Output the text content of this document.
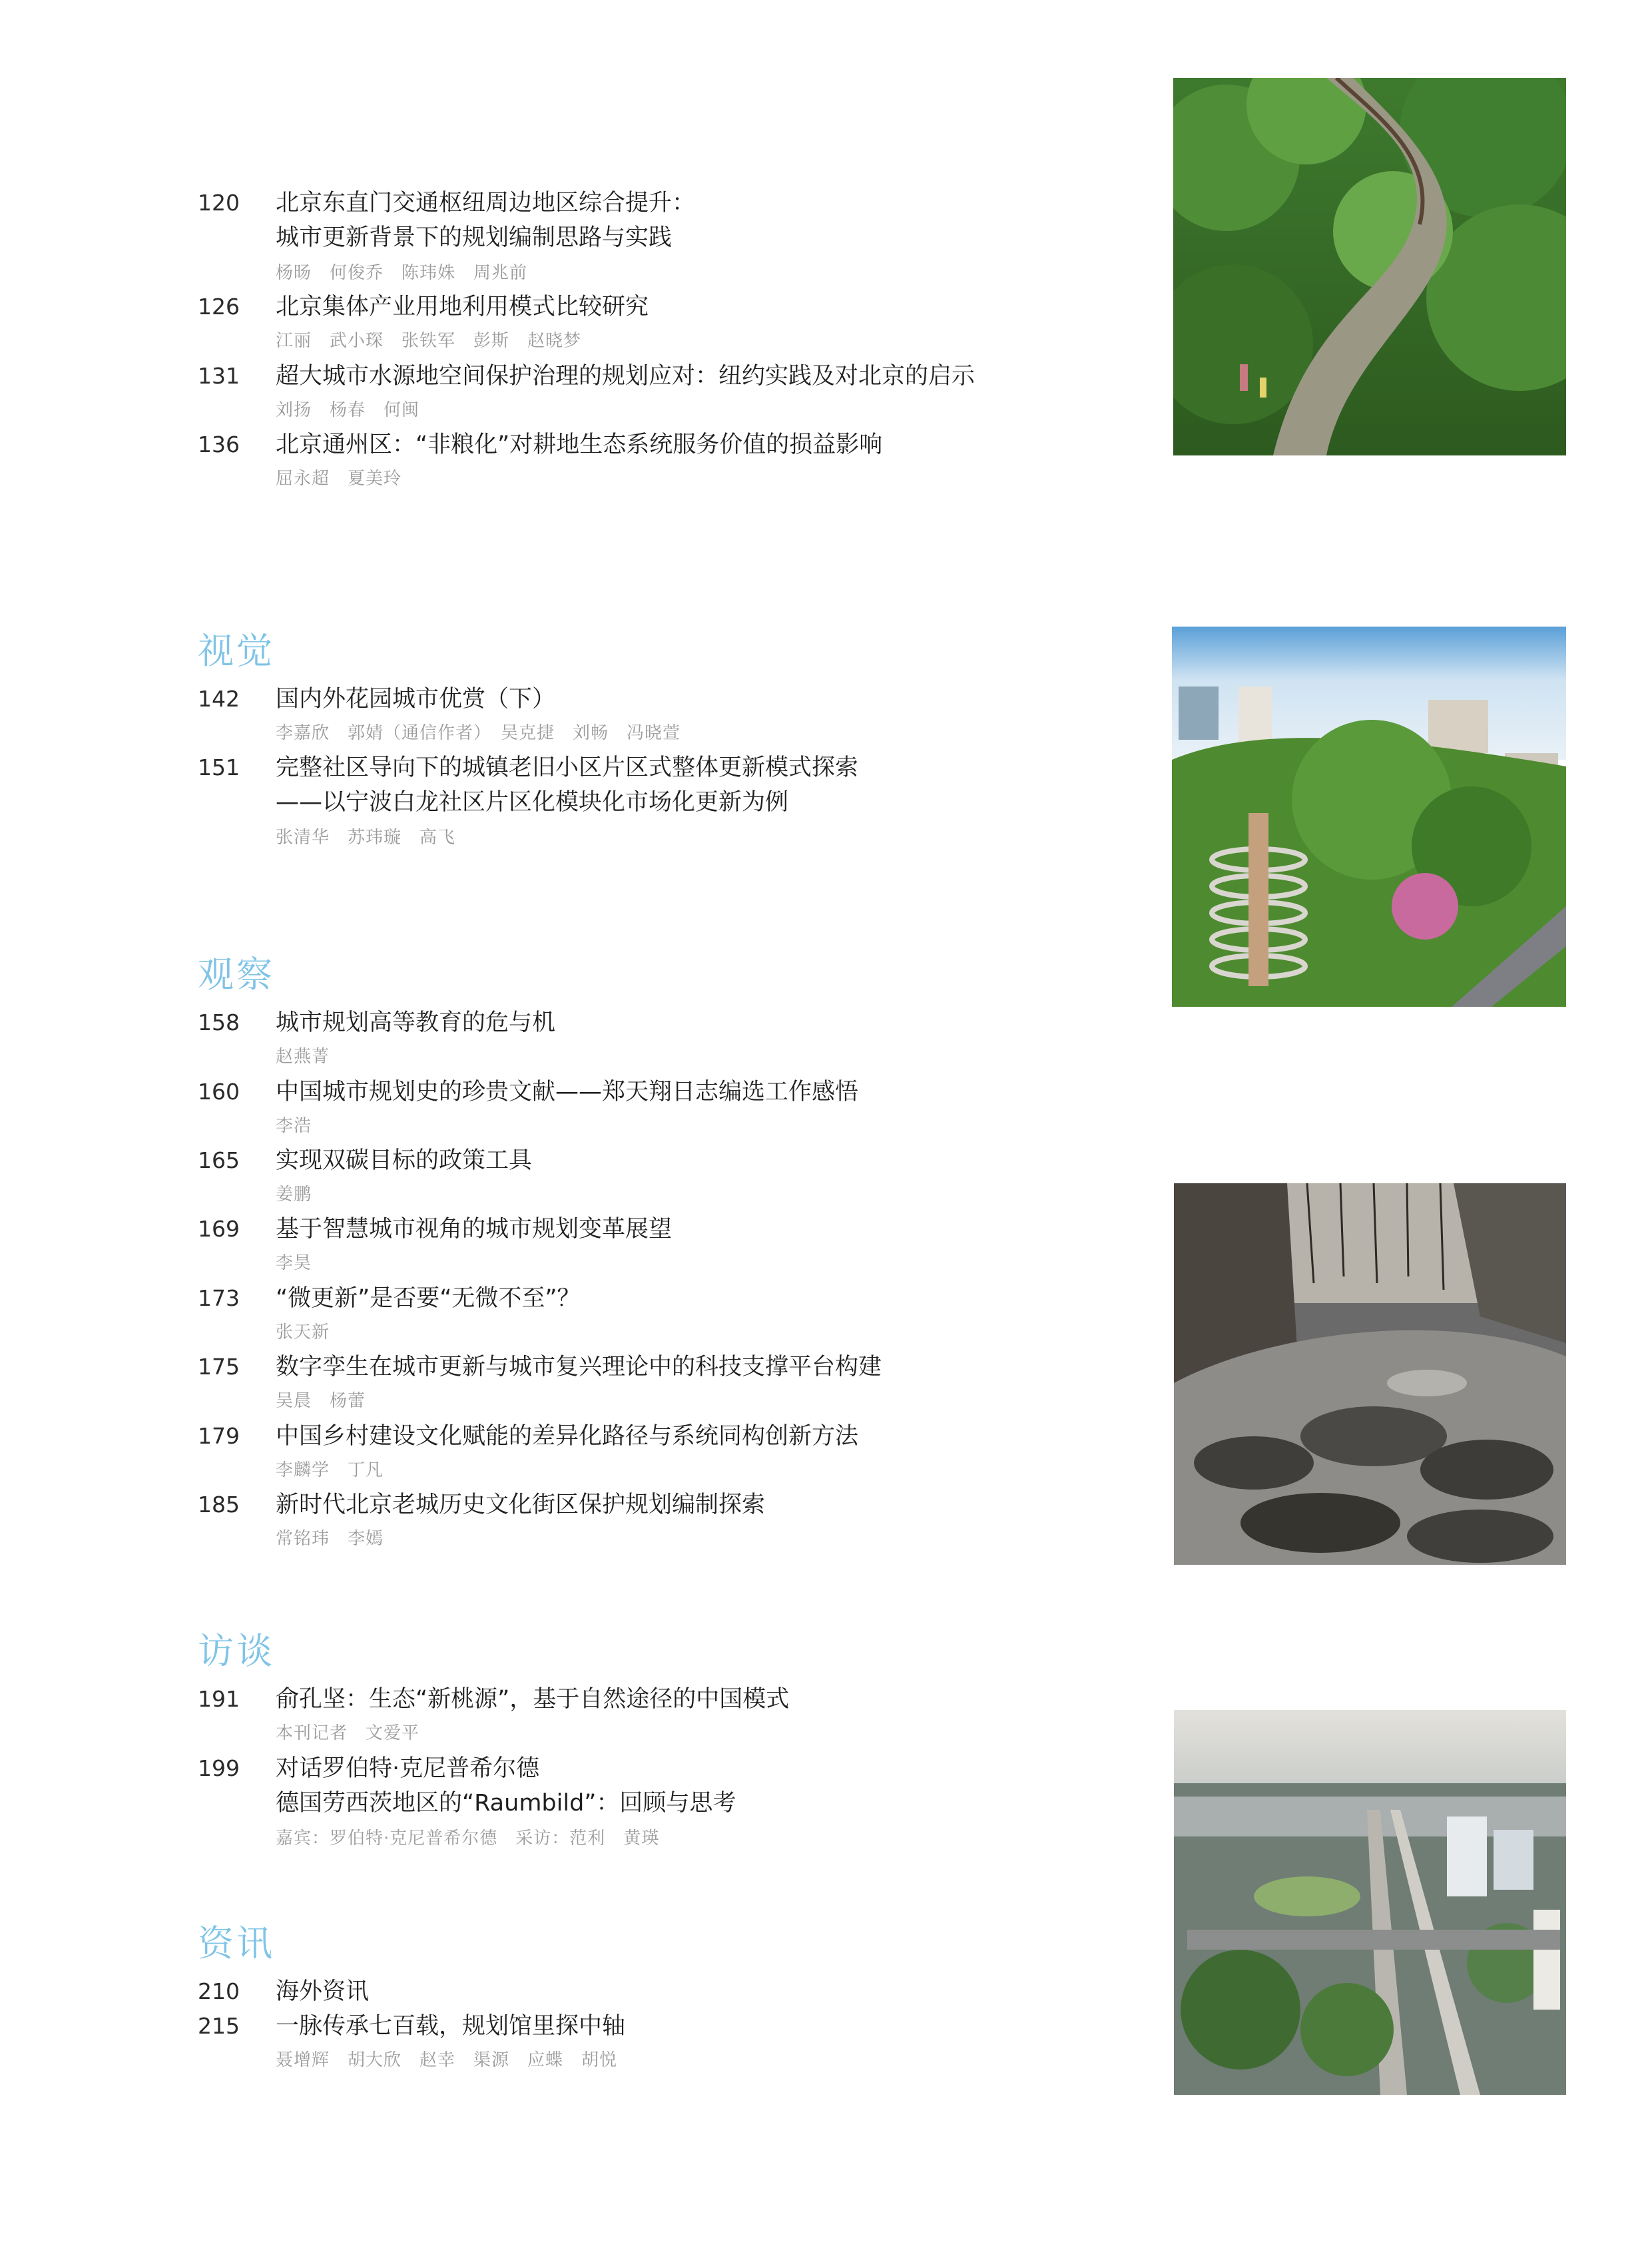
120 北京东直门交通枢纽周边地区综合提升：
城市更新背景下的规划编制思路与实践
杨旸　何俊乔　陈玮姝　周兆前
126 北京集体产业用地利用模式比较研究
江丽　武小琛　张铁军　彭斯　赵晓梦
131 超大城市水源地空间保护治理的规划应对：纽约实践及对北京的启示
刘扬　杨春　何闽
136 北京通州区：“非粮化”对耕地生态系统服务价值的损益影响
屈永超　夏美玲
视觉
142 国内外花园城市优赏（下）
李嘉欣　郭婧（通信作者）　吴克捷　刘畅　冯晓萱
151 完整社区导向下的城镇老旧小区片区式整体更新模式探索
——以宁波白龙社区片区化模块化市场化更新为例
张清华　苏玮璇　高飞
观察
158 城市规划高等教育的危与机
赵燕菁
160 中国城市规划史的珍贵文献——郑天翔日志编选工作感悟
李浩
165 实现双碳目标的政策工具
姜鹏
169 基于智慧城市视角的城市规划变革展望
李昊
173 “微更新”是否要“无微不至”？
张天新
175 数字孪生在城市更新与城市复兴理论中的科技支撑平台构建
吴晨　杨蕾
179 中国乡村建设文化赋能的差异化路径与系统同构创新方法
李麟学　丁凡
185 新时代北京老城历史文化街区保护规划编制探索
常铭玮　李嫣
访谈
191 俞孔坚：生态“新桃源”，基于自然途径的中国模式
本刊记者　文爱平
199 对话罗伯特·克尼普希尔德
德国劳西茨地区的“Raumbild”：回顾与思考
嘉宾：罗伯特·克尼普希尔德　采访：范利　黄瑛
资讯
210 海外资讯
215 一脉传承七百载，规划馆里探中轴
聂增辉　胡大欣　赵幸　渠源　应蝶　胡悦
